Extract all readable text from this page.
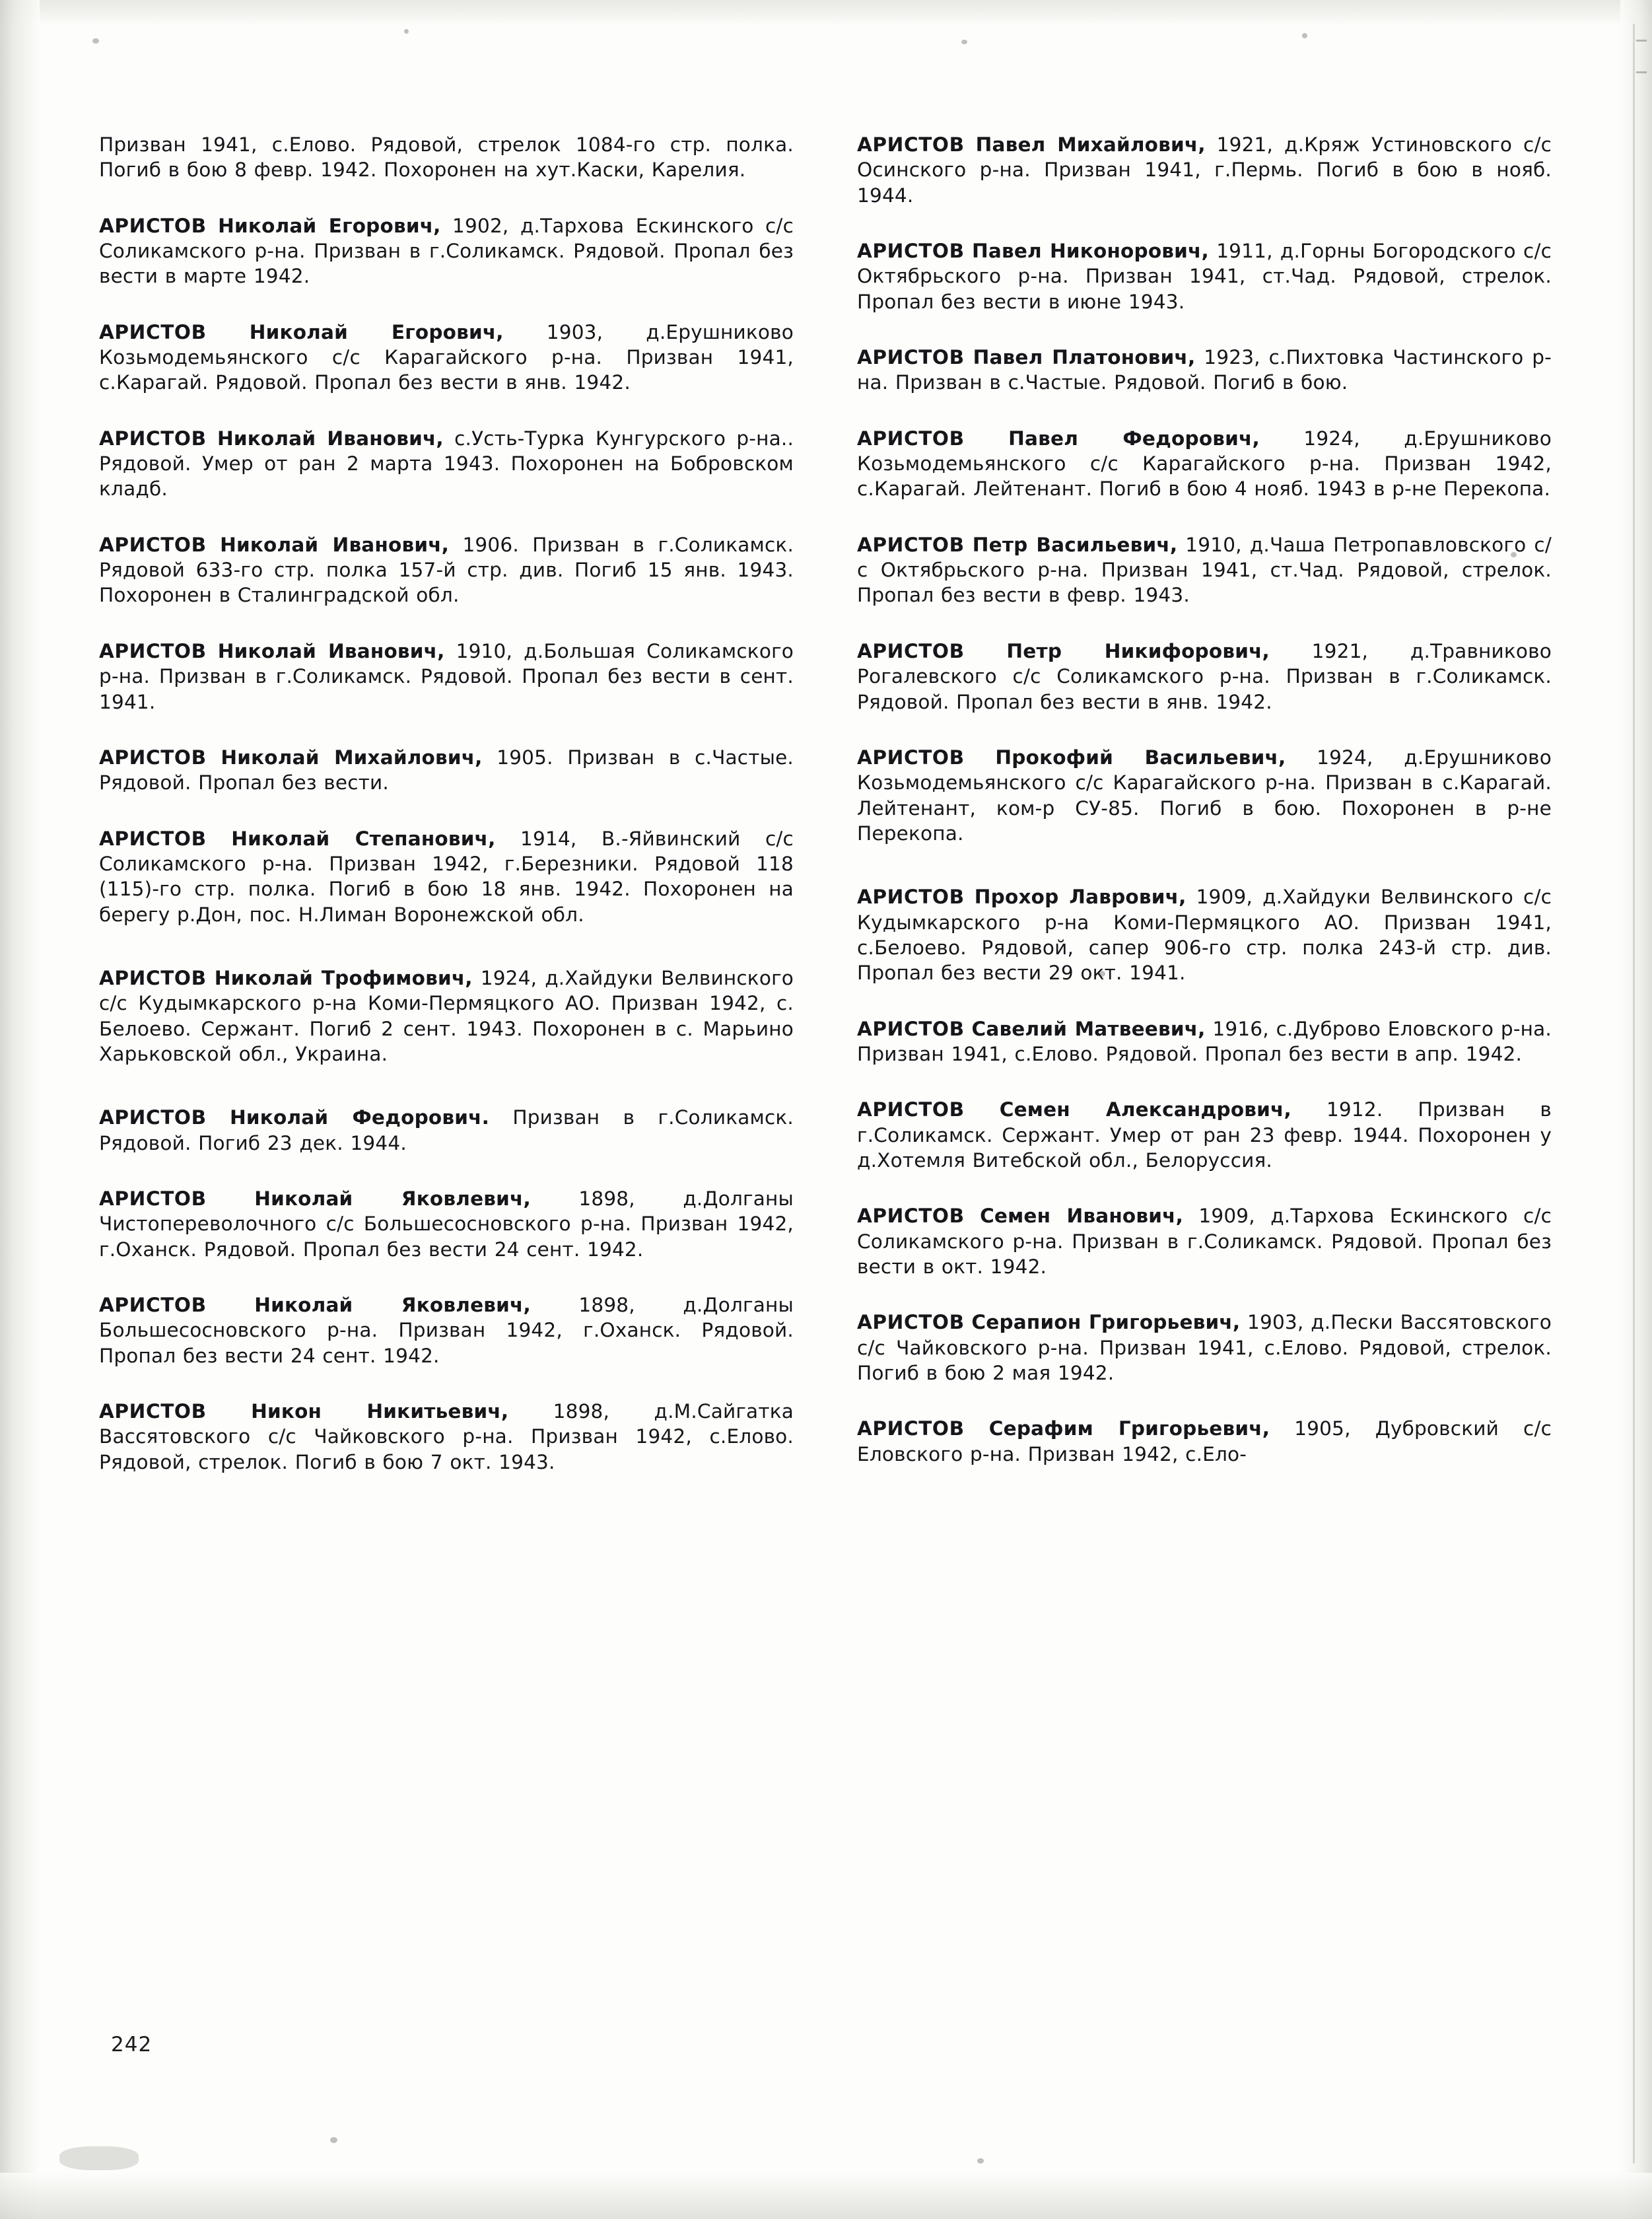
Призван 1941, с.Елово. Рядовой, стрелок 1084-го стр. полка. Погиб в бою 8 февр. 1942. Похоронен на хут.Каски, Карелия.

АРИСТОВ Николай Егорович, 1902, д.Тархова Ескинского с/с Соликамского р-на. Призван в г.Соликамск. Рядовой. Пропал без вести в марте 1942.

АРИСТОВ Николай Егорович, 1903, д.Ерушниково Козьмодемьянского с/с Карагайского р-на. Призван 1941, с.Карагай. Рядовой. Пропал без вести в янв. 1942.

АРИСТОВ Николай Иванович, с.Усть-Турка Кунгурского р-на.. Рядовой. Умер от ран 2 марта 1943. Похоронен на Бобровском кладб.

АРИСТОВ Николай Иванович, 1906. Призван в г.Соликамск. Рядовой 633-го стр. полка 157-й стр. див. Погиб 15 янв. 1943. Похоронен в Сталинградской обл.

АРИСТОВ Николай Иванович, 1910, д.Большая Соликамского р-на. Призван в г.Соликамск. Рядовой. Пропал без вести в сент. 1941.

АРИСТОВ Николай Михайлович, 1905. Призван в с.Частые. Рядовой. Пропал без вести.

АРИСТОВ Николай Степанович, 1914, В.-Яйвинский с/с Соликамского р-на. Призван 1942, г.Березники. Рядовой 118 (115)-го стр. полка. Погиб в бою 18 янв. 1942. Похоронен на берегу р.Дон, пос. Н.Лиман Воронежской обл.

АРИСТОВ Николай Трофимович, 1924, д.Хайдуки Велвинского с/с Кудымкарского р-на Коми-Пермяцкого АО. Призван 1942, с. Белоево. Сержант. Погиб 2 сент. 1943. Похоронен в с. Марьино Харьковской обл., Украина.

АРИСТОВ Николай Федорович. Призван в г.Соликамск. Рядовой. Погиб 23 дек. 1944.

АРИСТОВ Николай Яковлевич, 1898, д.Долганы Чистопереволочного с/с Большесосновского р-на. Призван 1942, г.Оханск. Рядовой. Пропал без вести 24 сент. 1942.

АРИСТОВ Николай Яковлевич, 1898, д.Долганы Большесосновского р-на. Призван 1942, г.Оханск. Рядовой. Пропал без вести 24 сент. 1942.

АРИСТОВ Никон Никитьевич, 1898, д.М.Сайгатка Вассятовского с/с Чайковского р-на. Призван 1942, с.Елово. Рядовой, стрелок. Погиб в бою 7 окт. 1943.

АРИСТОВ Павел Михайлович, 1921, д.Кряж Устиновского с/с Осинского р-на. Призван 1941, г.Пермь. Погиб в бою в нояб. 1944.

АРИСТОВ Павел Никонорович, 1911, д.Горны Богородского с/с Октябрьского р-на. Призван 1941, ст.Чад. Рядовой, стрелок. Пропал без вести в июне 1943.

АРИСТОВ Павел Платонович, 1923, с.Пихтовка Частинского р-на. Призван в с.Частые. Рядовой. Погиб в бою.

АРИСТОВ Павел Федорович, 1924, д.Ерушниково Козьмодемьянского с/с Карагайского р-на. Призван 1942, с.Карагай. Лейтенант. Погиб в бою 4 нояб. 1943 в р-не Перекопа.

АРИСТОВ Петр Васильевич, 1910, д.Чаша Петропавловского с/с Октябрьского р-на. Призван 1941, ст.Чад. Рядовой, стрелок. Пропал без вести в февр. 1943.

АРИСТОВ Петр Никифорович, 1921, д.Травниково Рогалевского с/с Соликамского р-на. Призван в г.Соликамск. Рядовой. Пропал без вести в янв. 1942.

АРИСТОВ Прокофий Васильевич, 1924, д.Ерушниково Козьмодемьянского с/с Карагайского р-на. Призван в с.Карагай. Лейтенант, ком-р СУ-85. Погиб в бою. Похоронен в р-не Перекопа.

АРИСТОВ Прохор Лаврович, 1909, д.Хайдуки Велвинского с/с Кудымкарского р-на Коми-Пермяцкого АО. Призван 1941, с.Белоево. Рядовой, сапер 906-го стр. полка 243-й стр. див. Пропал без вести 29 окт. 1941.

АРИСТОВ Савелий Матвеевич, 1916, с.Дуброво Еловского р-на. Призван 1941, с.Елово. Рядовой. Пропал без вести в апр. 1942.

АРИСТОВ Семен Александрович, 1912. Призван в г.Соликамск. Сержант. Умер от ран 23 февр. 1944. Похоронен у д.Хотемля Витебской обл., Белоруссия.

АРИСТОВ Семен Иванович, 1909, д.Тархова Ескинского с/с Соликамского р-на. Призван в г.Соликамск. Рядовой. Пропал без вести в окт. 1942.

АРИСТОВ Серапион Григорьевич, 1903, д.Пески Вассятовского с/с Чайковского р-на. Призван 1941, с.Елово. Рядовой, стрелок. Погиб в бою 2 мая 1942.

АРИСТОВ Серафим Григорьевич, 1905, Дубровский с/с Еловского р-на. Призван 1942, с.Ело-

242
